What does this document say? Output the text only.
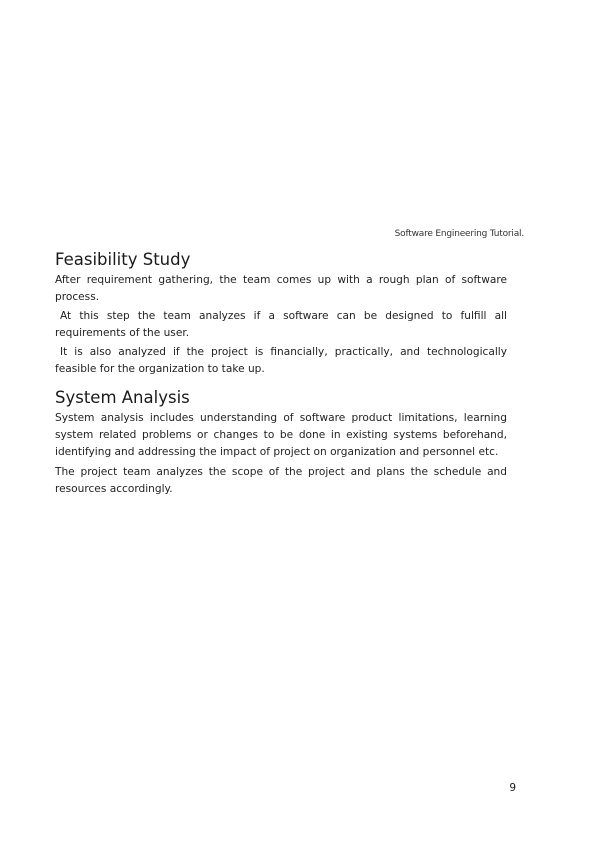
Software Engineering Tutorial.
Feasibility Study

After requirement gathering, the team comes up with a rough plan of software process.

At this step the team analyzes if a software can be designed to fulfill all requirements of the user.

It is also analyzed if the project is financially, practically, and technologically feasible for the organization to take up.

System Analysis

System analysis includes understanding of software product limitations, learning system related problems or changes to be done in existing systems beforehand, identifying and addressing the impact of project on organization and personnel etc.

The project team analyzes the scope of the project and plans the schedule and resources accordingly.

9
